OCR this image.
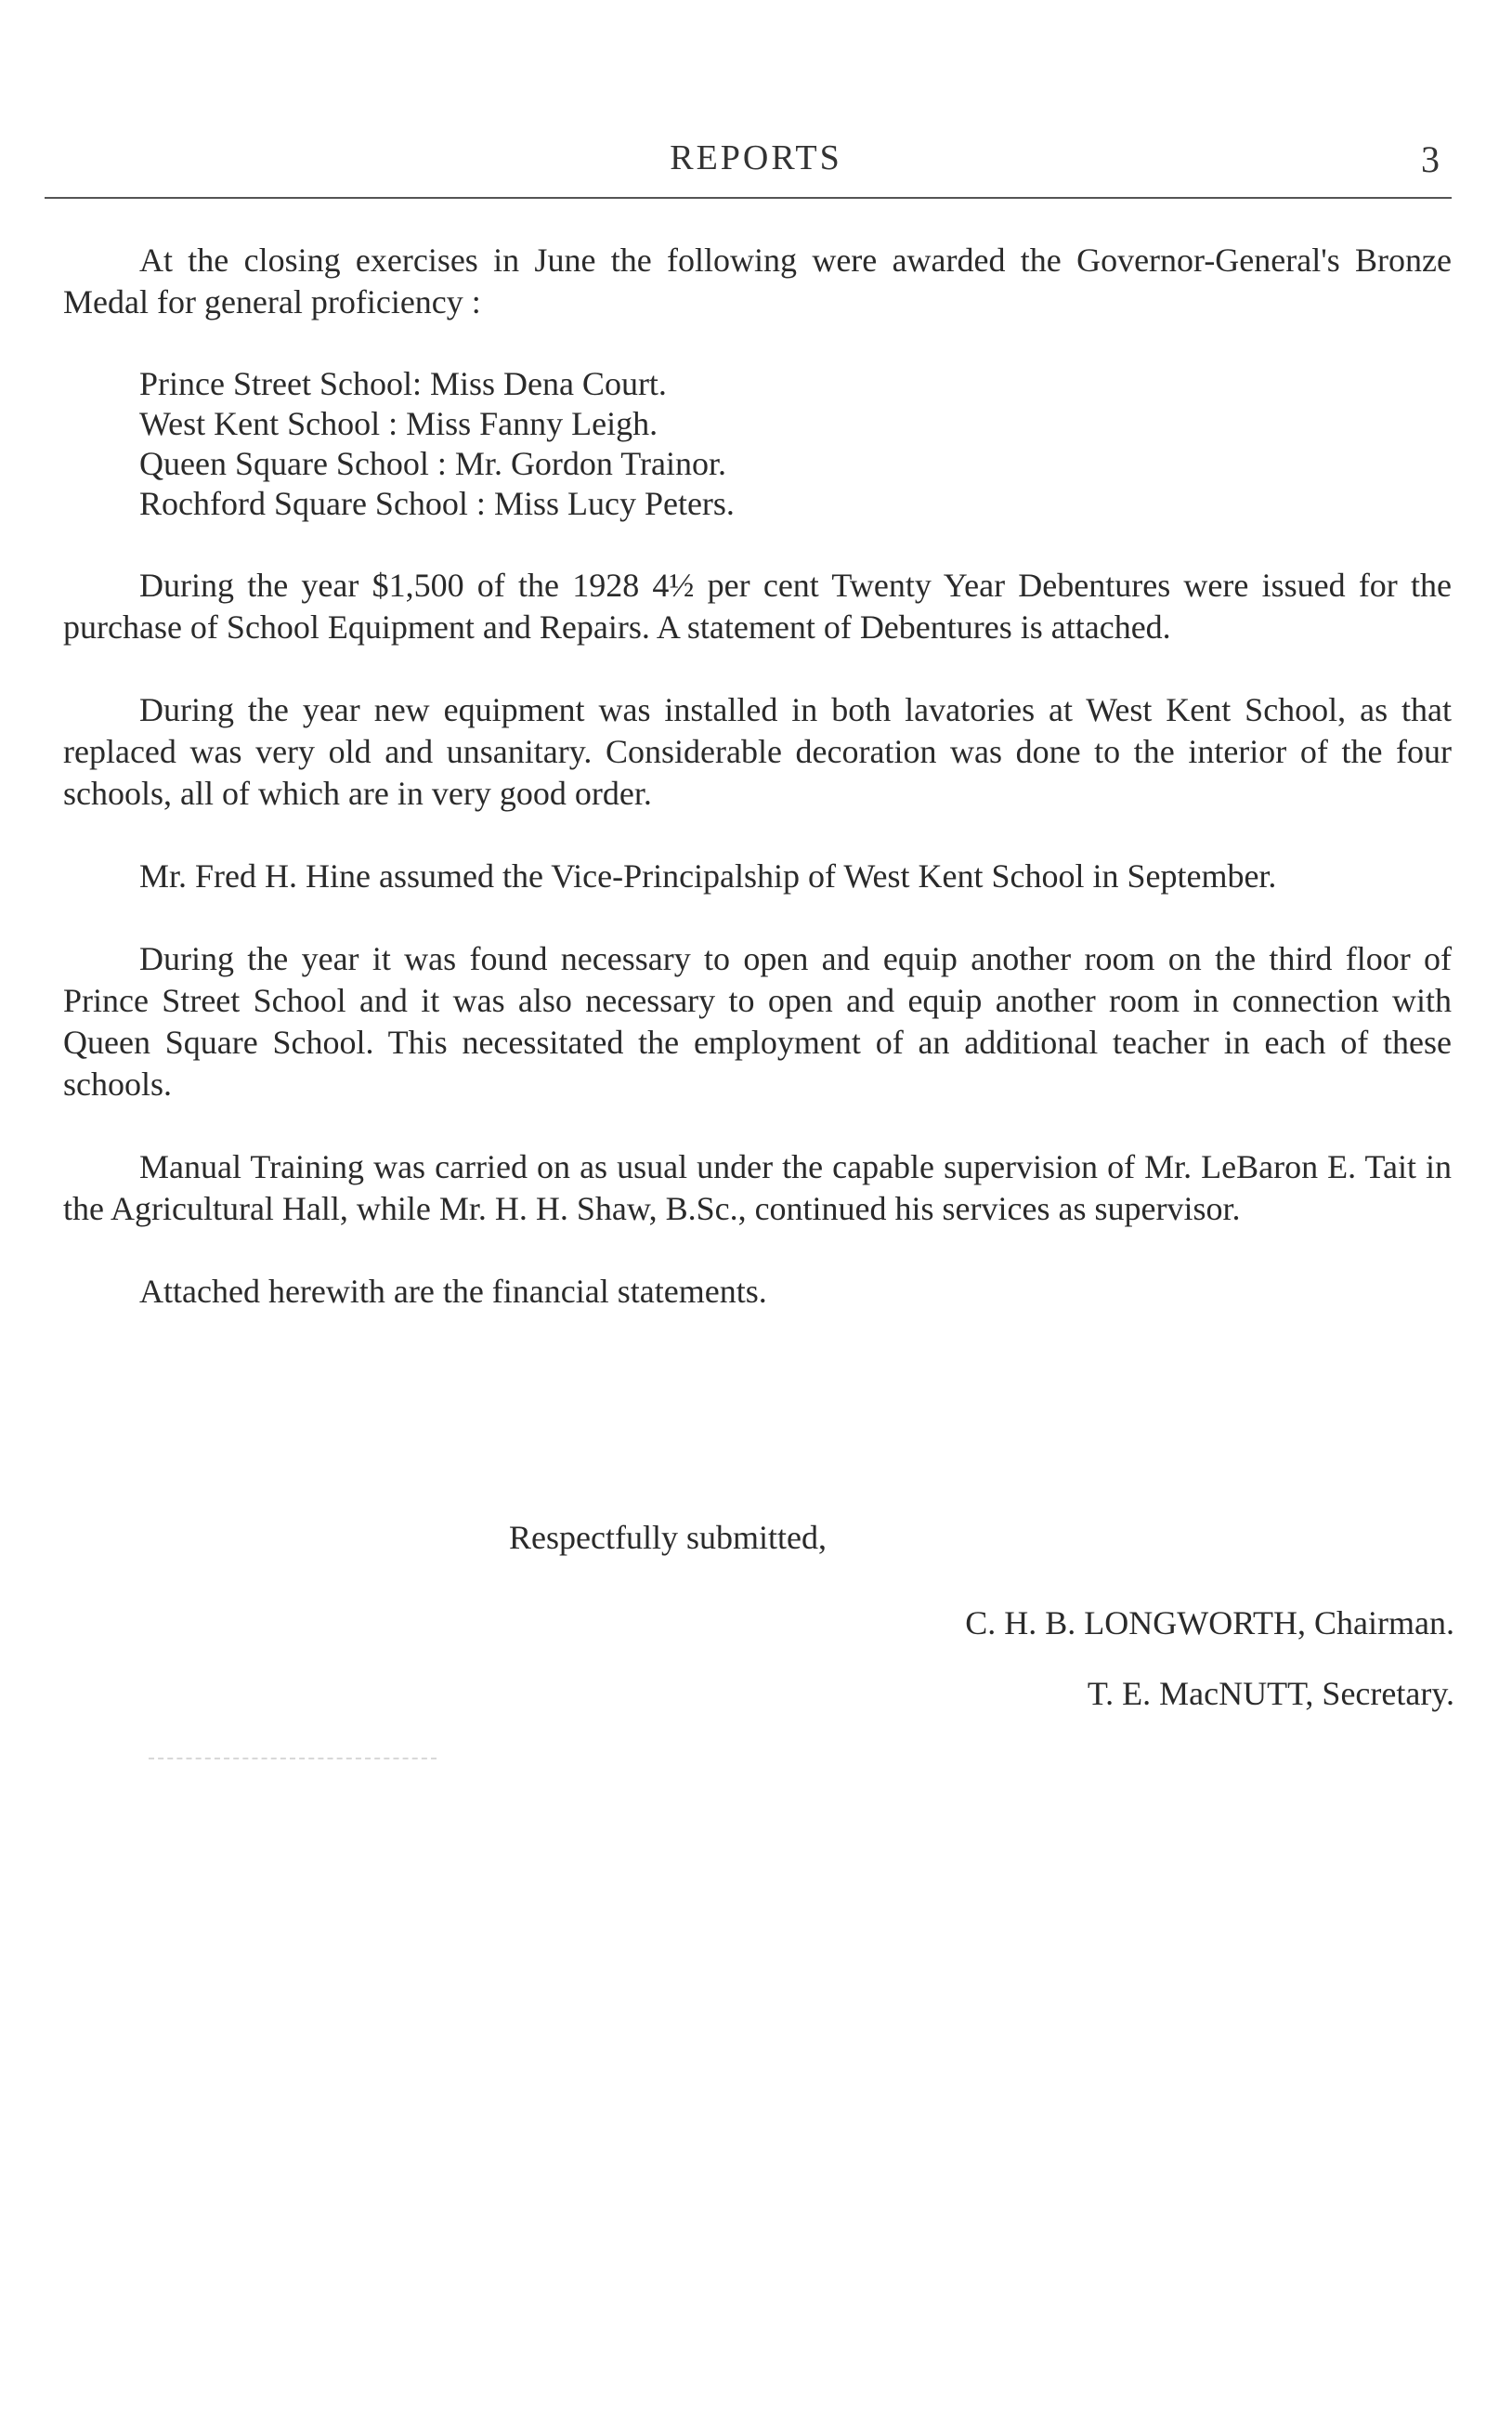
REPORTS	3

At the closing exercises in June the following were awarded the Governor-General's Bronze Medal for general proficiency :

Prince Street School: Miss Dena Court.
West Kent School : Miss Fanny Leigh.
Queen Square School : Mr. Gordon Trainor.
Rochford Square School : Miss Lucy Peters.

During the year $1,500 of the 1928 4½ per cent Twenty Year Debentures were issued for the purchase of School Equipment and Repairs. A statement of Debentures is attached.

During the year new equipment was installed in both lavatories at West Kent School, as that replaced was very old and unsanitary. Considerable decoration was done to the interior of the four schools, all of which are in very good order.

Mr. Fred H. Hine assumed the Vice-Principalship of West Kent School in September.

During the year it was found necessary to open and equip another room on the third floor of Prince Street School and it was also necessary to open and equip another room in connection with Queen Square School. This necessitated the employment of an additional teacher in each of these schools.

Manual Training was carried on as usual under the capable supervision of Mr. LeBaron E. Tait in the Agricultural Hall, while Mr. H. H. Shaw, B.Sc., continued his services as supervisor.

Attached herewith are the financial statements.

Respectfully submitted,
C. H. B. LONGWORTH, Chairman.
T. E. MacNUTT, Secretary.
